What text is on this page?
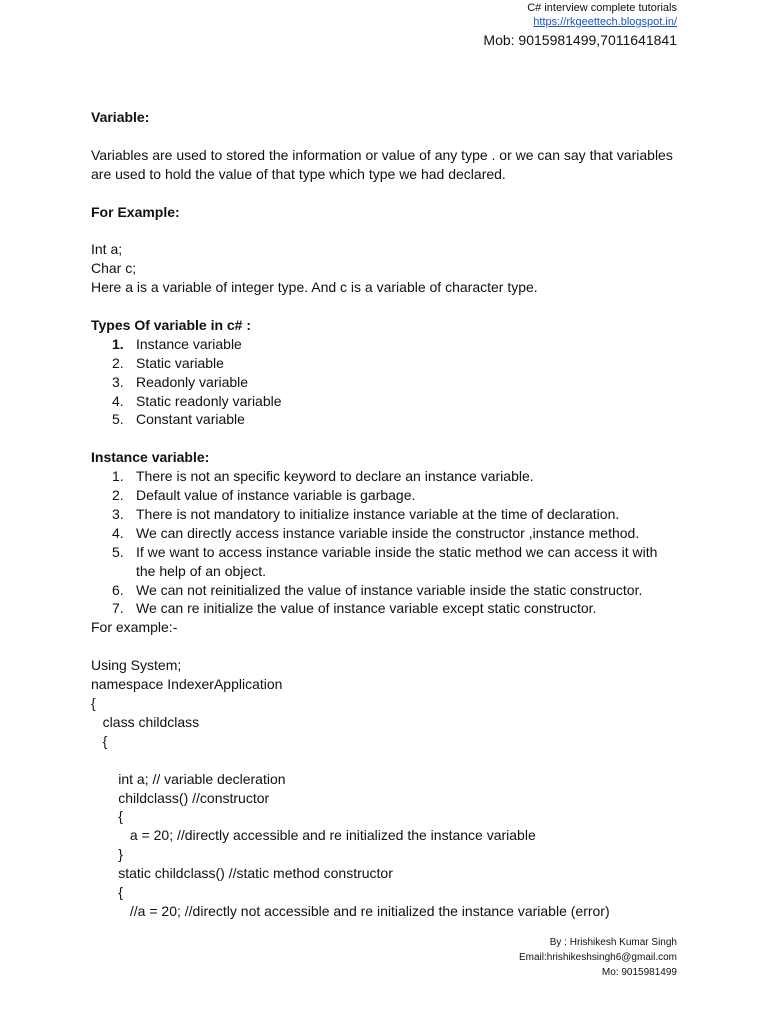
C# interview complete tutorials
https://rkgeettech.blogspot.in/
Mob: 9015981499,7011641841
Variable:
Variables are used to stored the information or value of any type . or we can say that variables
are used to hold the value of that type which type we had declared.
For Example:
Int a;
Char c;
Here a is a variable of integer type. And c is a variable of character type.
Types Of variable in c# :
1. Instance variable
2. Static variable
3. Readonly variable
4. Static readonly variable
5. Constant variable
Instance variable:
1. There is not an specific keyword to declare an instance variable.
2. Default value of instance variable is garbage.
3. There is not mandatory to initialize instance variable at the time of declaration.
4. We can directly access instance variable inside the constructor ,instance method.
5. If we want to access instance variable inside the static method we can access it with the help of an object.
6. We can not reinitialized the value of instance variable inside the static constructor.
7. We can re initialize the value of instance variable except static constructor.
For example:-
Using System;
namespace IndexerApplication
{
class childclass
{

int a; // variable decleration
childclass() //constructor
{
a = 20; //directly accessible and re initialized the instance variable
}
static childclass() //static method constructor
{
//a = 20; //directly not accessible and re initialized the instance variable (error)
By : Hrishikesh Kumar Singh
Email:hrishikeshsingh6@gmail.com
Mo: 9015981499
